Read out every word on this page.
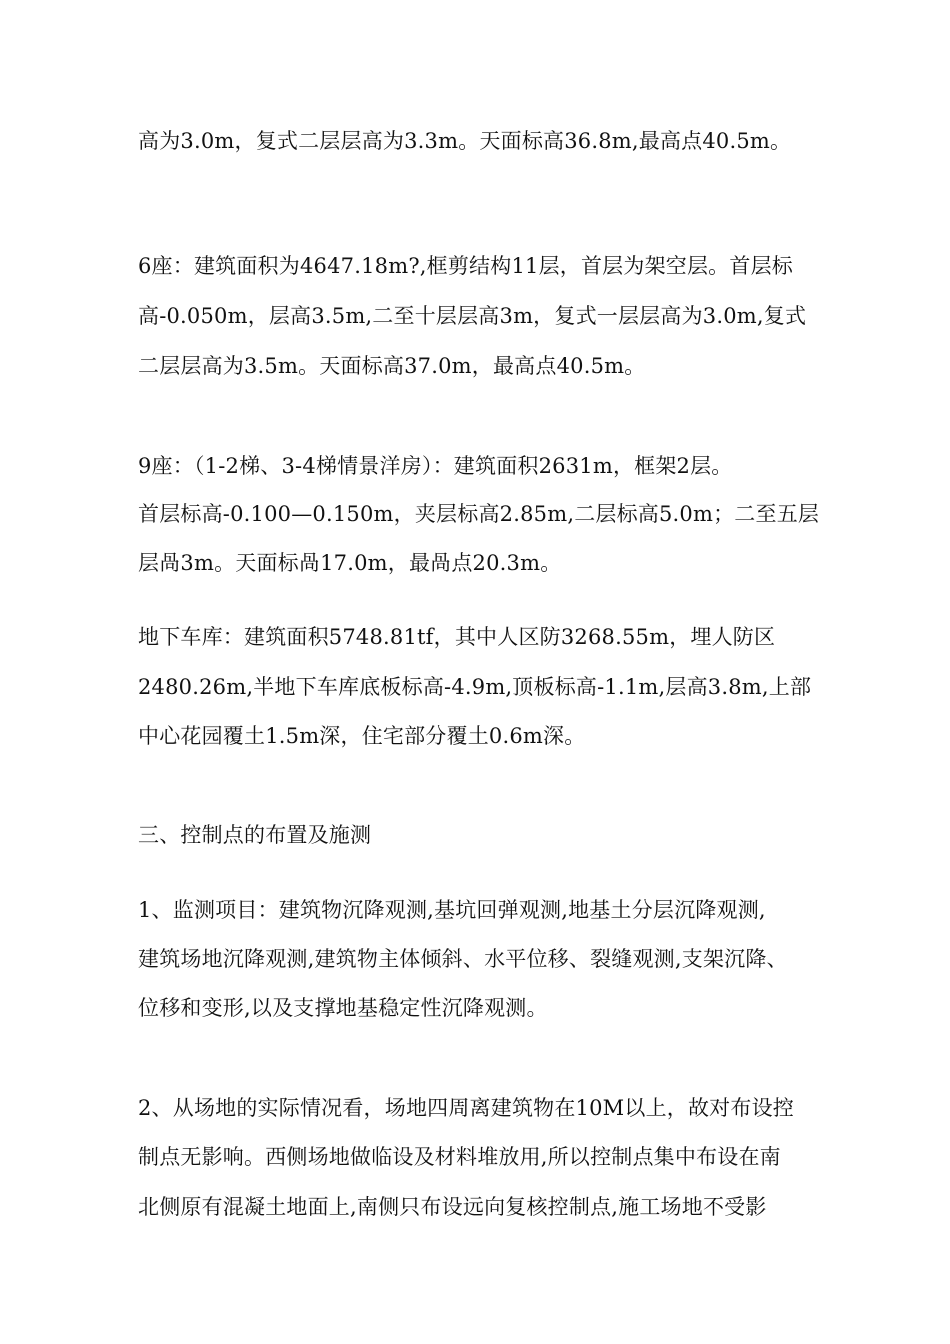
高为3.0m，复式二层层高为3.3m。天面标高36.8m,最高点40.5m。
6座：建筑面积为4647.18m?,框剪结构11层，首层为架空层。首层标
高-0.050m，层高3.5m,二至十层层高3m，复式一层层高为3.0m,复式
二层层高为3.5m。天面标高37.0m，最高点40.5m。
9座：（1-2梯、3-4梯情景洋房）：建筑面积2631m，框架2层。
首层标高-0.100—0.150m，夹层标高2.85m,二层标高5.0m；二至五层
层咼3m。天面标咼17.0m，最咼点20.3m。
地下车库：建筑面积5748.81tf，其中人区防3268.55m，埋人防区
2480.26m,半地下车库底板标高-4.9m,顶板标高-1.1m,层高3.8m,上部
中心花园覆土1.5m深，住宅部分覆土0.6m深。
三、控制点的布置及施测
1、监测项目：建筑物沉降观测,基坑回弹观测,地基土分层沉降观测,
建筑场地沉降观测,建筑物主体倾斜、水平位移、裂缝观测,支架沉降、
位移和变形,以及支撑地基稳定性沉降观测。
2、从场地的实际情况看，场地四周离建筑物在10M以上，故对布设控
制点无影响。西侧场地做临设及材料堆放用,所以控制点集中布设在南
北侧原有混凝土地面上,南侧只布设远向复核控制点,施工场地不受影
